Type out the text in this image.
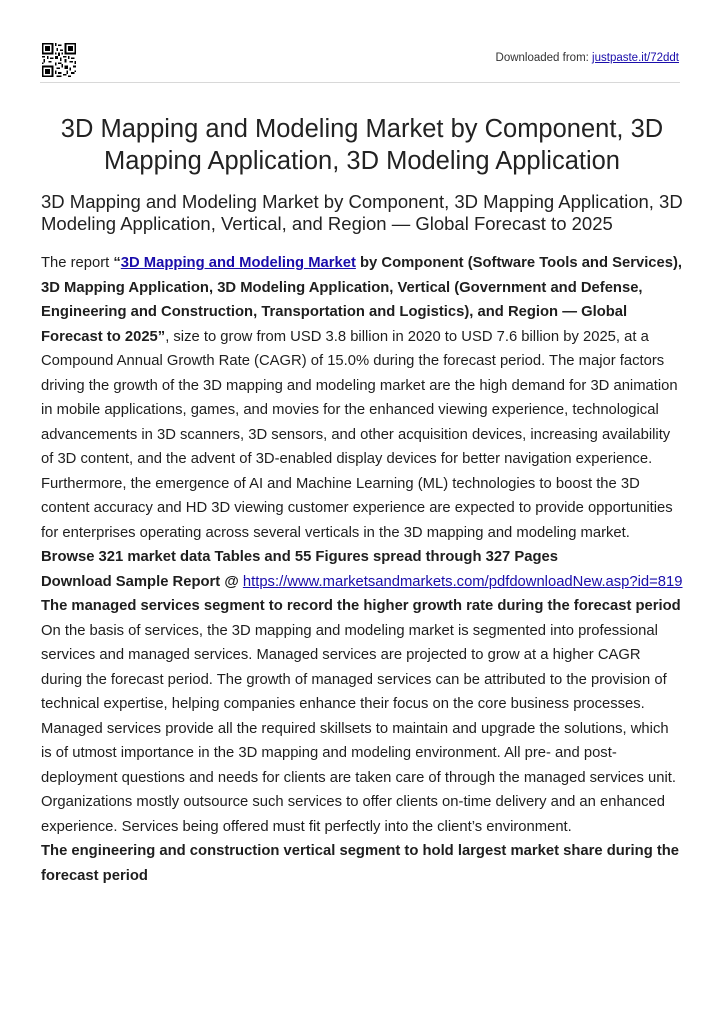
Downloaded from: justpaste.it/72ddt
3D Mapping and Modeling Market by Component, 3D Mapping Application, 3D Modeling Application
3D Mapping and Modeling Market by Component, 3D Mapping Application, 3D Modeling Application, Vertical, and Region — Global Forecast to 2025

The report “3D Mapping and Modeling Market by Component (Software Tools and Services), 3D Mapping Application, 3D Modeling Application, Vertical (Government and Defense, Engineering and Construction, Transportation and Logistics), and Region — Global Forecast to 2025”, size to grow from USD 3.8 billion in 2020 to USD 7.6 billion by 2025, at a Compound Annual Growth Rate (CAGR) of 15.0% during the forecast period. The major factors driving the growth of the 3D mapping and modeling market are the high demand for 3D animation in mobile applications, games, and movies for the enhanced viewing experience, technological advancements in 3D scanners, 3D sensors, and other acquisition devices, increasing availability of 3D content, and the advent of 3D-enabled display devices for better navigation experience. Furthermore, the emergence of AI and Machine Learning (ML) technologies to boost the 3D content accuracy and HD 3D viewing customer experience are expected to provide opportunities for enterprises operating across several verticals in the 3D mapping and modeling market.

Browse 321 market data Tables and 55 Figures spread through 327 Pages

Download Sample Report @ https://www.marketsandmarkets.com/pdfdownloadNew.asp?id=819

The managed services segment to record the higher growth rate during the forecast period

On the basis of services, the 3D mapping and modeling market is segmented into professional services and managed services. Managed services are projected to grow at a higher CAGR during the forecast period. The growth of managed services can be attributed to the provision of technical expertise, helping companies enhance their focus on the core business processes. Managed services provide all the required skillsets to maintain and upgrade the solutions, which is of utmost importance in the 3D mapping and modeling environment. All pre- and post-deployment questions and needs for clients are taken care of through the managed services unit. Organizations mostly outsource such services to offer clients on-time delivery and an enhanced experience. Services being offered must fit perfectly into the client’s environment.

The engineering and construction vertical segment to hold largest market share during the forecast period
